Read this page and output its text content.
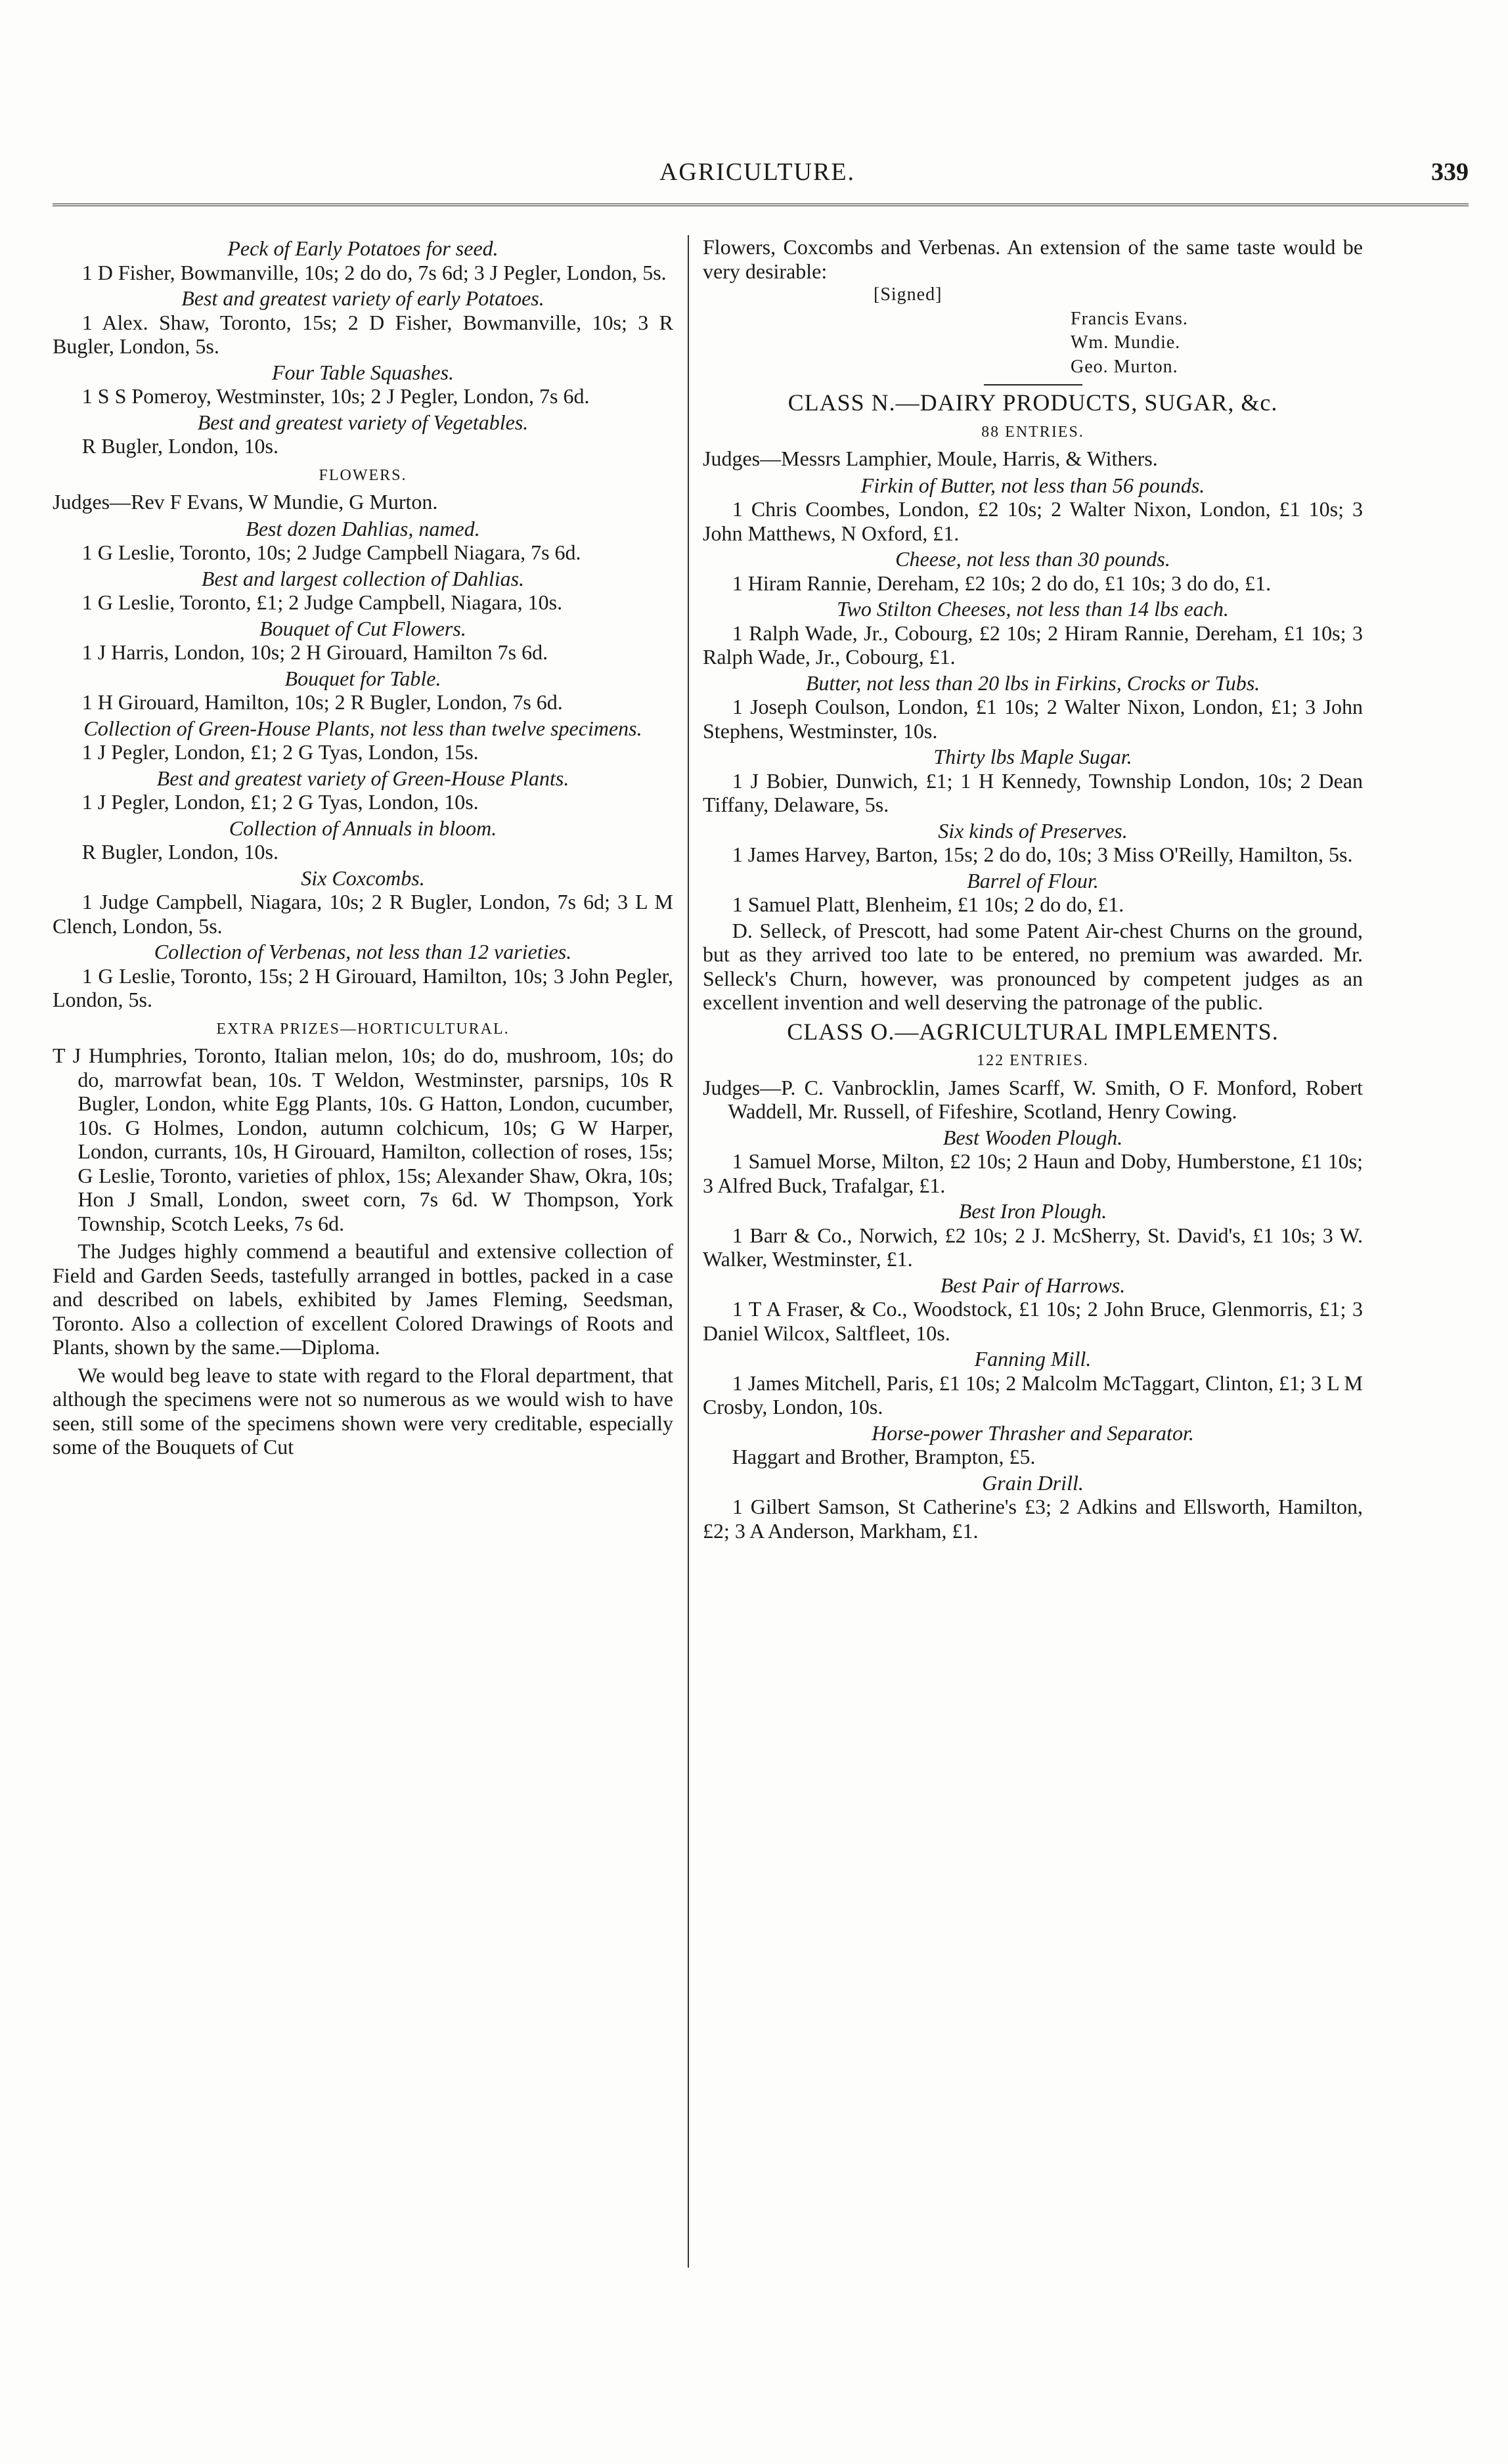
AGRICULTURE.	339

Peck of Early Potatoes for seed.

1 D Fisher, Bowmanville, 10s; 2 do do, 7s 6d; 3 J Pegler, London, 5s.

Best and greatest variety of early Potatoes.

1 Alex. Shaw, Toronto, 15s; 2 D Fisher, Bowmanville, 10s; 3 R Bugler, London, 5s.

Four Table Squashes.

1 S S Pomeroy, Westminster, 10s; 2 J Pegler, London, 7s 6d.

Best and greatest variety of Vegetables.

R Bugler, London, 10s.

FLOWERS.

Judges—Rev F Evans, W Mundie, G Murton.

Best dozen Dahlias, named.

1 G Leslie, Toronto, 10s; 2 Judge Campbell Niagara, 7s 6d.

Best and largest collection of Dahlias.

1 G Leslie, Toronto, £1; 2 Judge Campbell, Niagara, 10s.

Bouquet of Cut Flowers.

1 J Harris, London, 10s; 2 H Girouard, Hamilton 7s 6d.

Bouquet for Table.

1 H Girouard, Hamilton, 10s; 2 R Bugler, London, 7s 6d.

Collection of Green-House Plants, not less than twelve specimens.

1 J Pegler, London, £1; 2 G Tyas, London, 15s.

Best and greatest variety of Green-House Plants.

1 J Pegler, London, £1; 2 G Tyas, London, 10s.

Collection of Annuals in bloom.

R Bugler, London, 10s.

Six Coxcombs.

1 Judge Campbell, Niagara, 10s; 2 R Bugler, London, 7s 6d; 3 L M Clench, London, 5s.

Collection of Verbenas, not less than 12 varieties.

1 G Leslie, Toronto, 15s; 2 H Girouard, Hamilton, 10s; 3 John Pegler, London, 5s.

EXTRA PRIZES—HORTICULTURAL.

T J Humphries, Toronto, Italian melon, 10s; do do, mushroom, 10s; do do, marrowfat bean, 10s. T Weldon, Westminster, parsnips, 10s R Bugler, London, white Egg Plants, 10s. G Hatton, London, cucumber, 10s. G Holmes, London, autumn colchicum, 10s; G W Harper, London, currants, 10s, H Girouard, Hamilton, collection of roses, 15s; G Leslie, Toronto, varieties of phlox, 15s; Alexander Shaw, Okra, 10s; Hon J Small, London, sweet corn, 7s 6d. W Thompson, York Township, Scotch Leeks, 7s 6d.

The Judges highly commend a beautiful and extensive collection of Field and Garden Seeds, tastefully arranged in bottles, packed in a case and described on labels, exhibited by James Fleming, Seedsman, Toronto. Also a collection of excellent Colored Drawings of Roots and Plants, shown by the same.—Diploma.

We would beg leave to state with regard to the Floral department, that although the specimens were not so numerous as we would wish to have seen, still some of the specimens shown were very creditable, especially some of the Bouquets of Cut

Flowers, Coxcombs and Verbenas. An extension of the same taste would be very desirable:

[Signed]

Francis Evans.

Wm. Mundie.

Geo. Murton.

CLASS N.—DAIRY PRODUCTS, SUGAR, &c.

88 ENTRIES.

Judges—Messrs Lamphier, Moule, Harris, & Withers.

Firkin of Butter, not less than 56 pounds.

1 Chris Coombes, London, £2 10s; 2 Walter Nixon, London, £1 10s; 3 John Matthews, N Oxford, £1.

Cheese, not less than 30 pounds.

1 Hiram Rannie, Dereham, £2 10s; 2 do do, £1 10s; 3 do do, £1.

Two Stilton Cheeses, not less than 14 lbs each.

1 Ralph Wade, Jr., Cobourg, £2 10s; 2 Hiram Rannie, Dereham, £1 10s; 3 Ralph Wade, Jr., Cobourg, £1.

Butter, not less than 20 lbs in Firkins, Crocks or Tubs.

1 Joseph Coulson, London, £1 10s; 2 Walter Nixon, London, £1; 3 John Stephens, Westminster, 10s.

Thirty lbs Maple Sugar.

1 J Bobier, Dunwich, £1; 1 H Kennedy, Township London, 10s; 2 Dean Tiffany, Delaware, 5s.

Six kinds of Preserves.

1 James Harvey, Barton, 15s; 2 do do, 10s; 3 Miss O'Reilly, Hamilton, 5s.

Barrel of Flour.

1 Samuel Platt, Blenheim, £1 10s; 2 do do, £1.

D. Selleck, of Prescott, had some Patent Air-chest Churns on the ground, but as they arrived too late to be entered, no premium was awarded. Mr. Selleck's Churn, however, was pronounced by competent judges as an excellent invention and well deserving the patronage of the public.

CLASS O.—AGRICULTURAL IMPLEMENTS.

122 ENTRIES.

Judges—P. C. Vanbrocklin, James Scarff, W. Smith, O F. Monford, Robert Waddell, Mr. Russell, of Fifeshire, Scotland, Henry Cowing.

Best Wooden Plough.

1 Samuel Morse, Milton, £2 10s; 2 Haun and Doby, Humberstone, £1 10s; 3 Alfred Buck, Trafalgar, £1.

Best Iron Plough.

1 Barr & Co., Norwich, £2 10s; 2 J. McSherry, St. David's, £1 10s; 3 W. Walker, Westminster, £1.

Best Pair of Harrows.

1 T A Fraser, & Co., Woodstock, £1 10s; 2 John Bruce, Glenmorris, £1; 3 Daniel Wilcox, Saltfleet, 10s.

Fanning Mill.

1 James Mitchell, Paris, £1 10s; 2 Malcolm McTaggart, Clinton, £1; 3 L M Crosby, London, 10s.

Horse-power Thrasher and Separator.

Haggart and Brother, Brampton, £5.

Grain Drill.

1 Gilbert Samson, St Catherine's £3; 2 Adkins and Ellsworth, Hamilton, £2; 3 A Anderson, Markham, £1.
